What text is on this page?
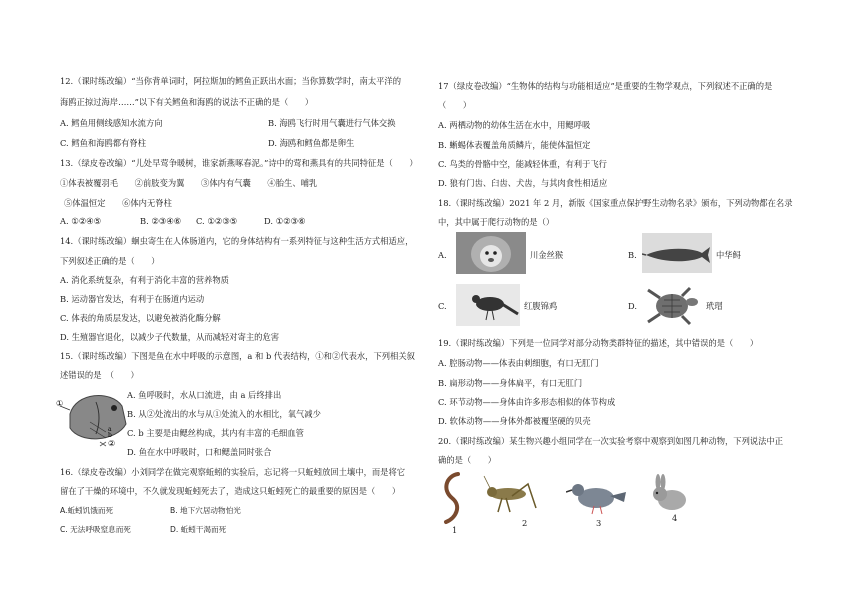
12.（课时练改编）“当你背单词时，阿拉斯加的鳕鱼正跃出水面；当你算数学时，南太平洋的
海鸥正掠过海岸……”以下有关鳕鱼和海鸥的说法不正确的是（　　）
A. 鳕鱼用侧线感知水流方向	B. 海鸥飞行时用气囊进行气体交换
C. 鳕鱼和海鸥都有脊柱	D. 海鸥和鳕鱼都是卵生
13.（绿皮卷改编）“儿处早莺争暖树，谁家新燕啄春泥。”诗中的莺和燕具有的共同特征是（　　）
①体表被覆羽毛　　②前肢变为翼　　③体内有气囊　　④胎生、哺乳
⑤体温恒定　　⑥体内无脊柱
A. ①②④⑤	B. ②③④⑥ C. ①②③⑤	D. ①②③⑥
14.（课时练改编）蛔虫寄生在人体肠道内，它的身体结构有一系列特征与这种生活方式相适应，
下列叙述正确的是（　　）
A. 消化系统复杂，有利于消化丰富的营养物质
B. 运动器官发达，有利于在肠道内运动
C. 体表的角质层发达，以避免被消化酶分解
D. 生殖器官退化，以减少子代数量，从而减轻对寄主的危害
15.（课时练改编）下图是鱼在水中呼吸的示意图，a 和 b 代表结构，①和②代表水，下列相关叙
述错误的是　（　　）
①
a
b
②
A. 鱼呼吸时，水从口流进，由 a 后终排出
B. 从②处流出的水与从①处流入的水相比，氧气减少
C. b 主要是由鳃丝构成，其内有丰富的毛细血管
D. 鱼在水中呼吸时，口和鳃盖同时张合
16.（绿皮卷改编）小刘同学在做完观察蚯蚓的实验后，忘记将一只蚯蚓放回土壤中，而是将它
留在了干燥的环境中，不久就发现蚯蚓死去了，造成这只蚯蚓死亡的最重要的原因是（　　）
A.蚯蚓饥饿而死	B. 地下穴居动物怕光
C. 无法呼吸窒息而死	D. 蚯蚓干渴而死
17（绿皮卷改编）“生物体的结构与功能相适应”是重要的生物学观点，下列叙述不正确的是
（　　）
A. 两栖动物的幼体生活在水中，用鳃呼吸
B. 蜥蜴体表覆盖角质鳞片，能使体温恒定
C. 鸟类的骨骼中空，能减轻体重，有利于飞行
D. 狼有门齿、臼齿、犬齿，与其肉食性相适应
18.（课时练改编）2021 年 2 月，新版《国家重点保护野生动物名录》颁布，下列动物都在名录
中，其中属于爬行动物的是（）
A.	川金丝猴	B.	中华鲟
C.	红腹锦鸡	D.	玳瑁
19.（课时练改编）下列是一位同学对部分动物类群特征的描述，其中错误的是（　　）
A. 腔肠动物——体表由刺细胞，有口无肛门
B. 扁形动物——身体扁平，有口无肛门
C. 环节动物——身体由许多形态相似的体节构成
D. 软体动物——身体外都被覆坚硬的贝壳
20.（课时练改编）某生物兴趣小组同学在一次实验考察中观察到如图几种动物，下列说法中正
确的是（　　）
1
2	3	4
